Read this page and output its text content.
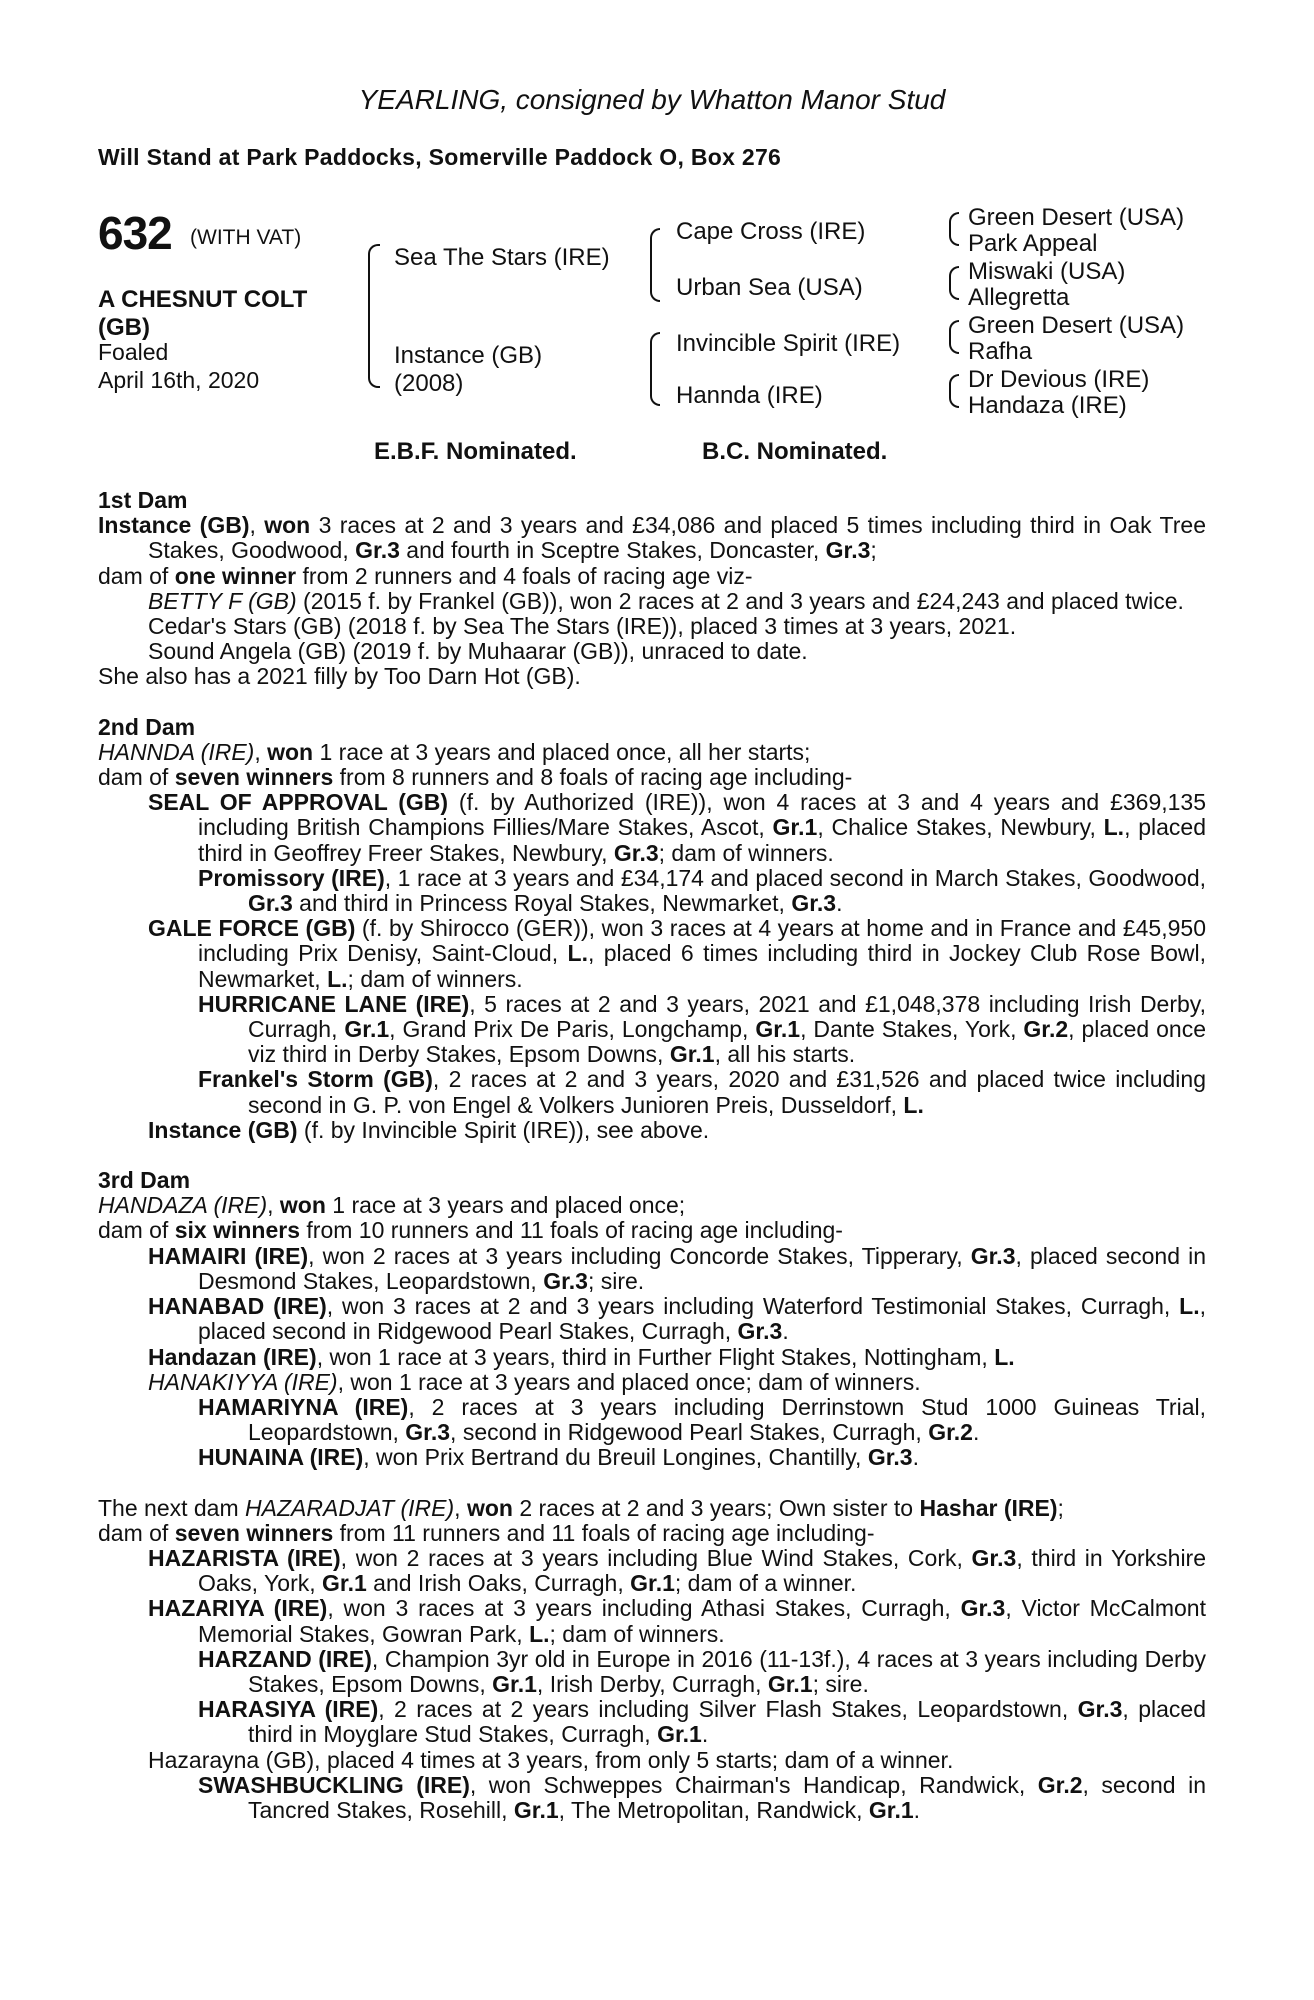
YEARLING, consigned by Whatton Manor Stud
Will Stand at Park Paddocks, Somerville Paddock O, Box 276
632 (WITH VAT)
A CHESNUT COLT
(GB)
Foaled
April 16th, 2020
Sea The Stars (IRE)
Instance (GB)
(2008)
Cape Cross (IRE)
Urban Sea (USA)
Invincible Spirit (IRE)
Hannda (IRE)
Green Desert (USA)
Park Appeal
Miswaki (USA)
Allegretta
Green Desert (USA)
Rafha
Dr Devious (IRE)
Handaza (IRE)
E.B.F. Nominated.	B.C. Nominated.
1st Dam

Instance (GB), won 3 races at 2 and 3 years and £34,086 and placed 5 times including third in Oak Tree Stakes, Goodwood, Gr.3 and fourth in Sceptre Stakes, Doncaster, Gr.3;

dam of one winner from 2 runners and 4 foals of racing age viz-

BETTY F (GB) (2015 f. by Frankel (GB)), won 2 races at 2 and 3 years and £24,243 and placed twice.

Cedar's Stars (GB) (2018 f. by Sea The Stars (IRE)), placed 3 times at 3 years, 2021.

Sound Angela (GB) (2019 f. by Muhaarar (GB)), unraced to date.

She also has a 2021 filly by Too Darn Hot (GB).

2nd Dam

HANNDA (IRE), won 1 race at 3 years and placed once, all her starts;

dam of seven winners from 8 runners and 8 foals of racing age including-

SEAL OF APPROVAL (GB) (f. by Authorized (IRE)), won 4 races at 3 and 4 years and £369,135 including British Champions Fillies/Mare Stakes, Ascot, Gr.1, Chalice Stakes, Newbury, L., placed third in Geoffrey Freer Stakes, Newbury, Gr.3; dam of winners.

Promissory (IRE), 1 race at 3 years and £34,174 and placed second in March Stakes, Goodwood, Gr.3 and third in Princess Royal Stakes, Newmarket, Gr.3.

GALE FORCE (GB) (f. by Shirocco (GER)), won 3 races at 4 years at home and in France and £45,950 including Prix Denisy, Saint-Cloud, L., placed 6 times including third in Jockey Club Rose Bowl, Newmarket, L.; dam of winners.

HURRICANE LANE (IRE), 5 races at 2 and 3 years, 2021 and £1,048,378 including Irish Derby, Curragh, Gr.1, Grand Prix De Paris, Longchamp, Gr.1, Dante Stakes, York, Gr.2, placed once viz third in Derby Stakes, Epsom Downs, Gr.1, all his starts.

Frankel's Storm (GB), 2 races at 2 and 3 years, 2020 and £31,526 and placed twice including second in G. P. von Engel & Volkers Junioren Preis, Dusseldorf, L.

Instance (GB) (f. by Invincible Spirit (IRE)), see above.

3rd Dam

HANDAZA (IRE), won 1 race at 3 years and placed once;

dam of six winners from 10 runners and 11 foals of racing age including-

HAMAIRI (IRE), won 2 races at 3 years including Concorde Stakes, Tipperary, Gr.3, placed second in Desmond Stakes, Leopardstown, Gr.3; sire.

HANABAD (IRE), won 3 races at 2 and 3 years including Waterford Testimonial Stakes, Curragh, L., placed second in Ridgewood Pearl Stakes, Curragh, Gr.3.

Handazan (IRE), won 1 race at 3 years, third in Further Flight Stakes, Nottingham, L.

HANAKIYYA (IRE), won 1 race at 3 years and placed once; dam of winners.

HAMARIYNA (IRE), 2 races at 3 years including Derrinstown Stud 1000 Guineas Trial, Leopardstown, Gr.3, second in Ridgewood Pearl Stakes, Curragh, Gr.2.

HUNAINA (IRE), won Prix Bertrand du Breuil Longines, Chantilly, Gr.3.

The next dam HAZARADJAT (IRE), won 2 races at 2 and 3 years; Own sister to Hashar (IRE);

dam of seven winners from 11 runners and 11 foals of racing age including-

HAZARISTA (IRE), won 2 races at 3 years including Blue Wind Stakes, Cork, Gr.3, third in Yorkshire Oaks, York, Gr.1 and Irish Oaks, Curragh, Gr.1; dam of a winner.

HAZARIYA (IRE), won 3 races at 3 years including Athasi Stakes, Curragh, Gr.3, Victor McCalmont Memorial Stakes, Gowran Park, L.; dam of winners.

HARZAND (IRE), Champion 3yr old in Europe in 2016 (11-13f.), 4 races at 3 years including Derby Stakes, Epsom Downs, Gr.1, Irish Derby, Curragh, Gr.1; sire.

HARASIYA (IRE), 2 races at 2 years including Silver Flash Stakes, Leopardstown, Gr.3, placed third in Moyglare Stud Stakes, Curragh, Gr.1.

Hazarayna (GB), placed 4 times at 3 years, from only 5 starts; dam of a winner.

SWASHBUCKLING (IRE), won Schweppes Chairman's Handicap, Randwick, Gr.2, second in Tancred Stakes, Rosehill, Gr.1, The Metropolitan, Randwick, Gr.1.
